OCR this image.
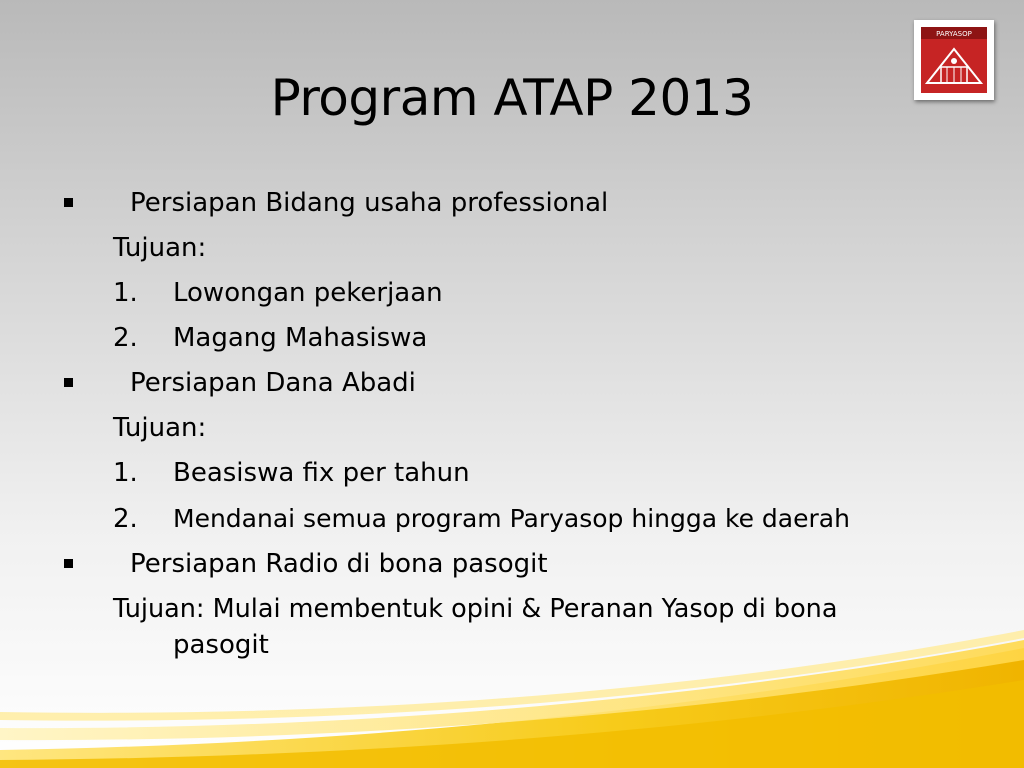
Program ATAP 2013
PARYASOP
Persiapan Bidang usaha professional
Tujuan:
1. Lowongan pekerjaan
2. Magang Mahasiswa
Persiapan Dana Abadi
Tujuan:
1. Beasiswa fix per tahun
2. Mendanai semua program Paryasop hingga ke daerah
Persiapan Radio di bona pasogit
Tujuan: Mulai membentuk opini & Peranan Yasop di bona
pasogit
